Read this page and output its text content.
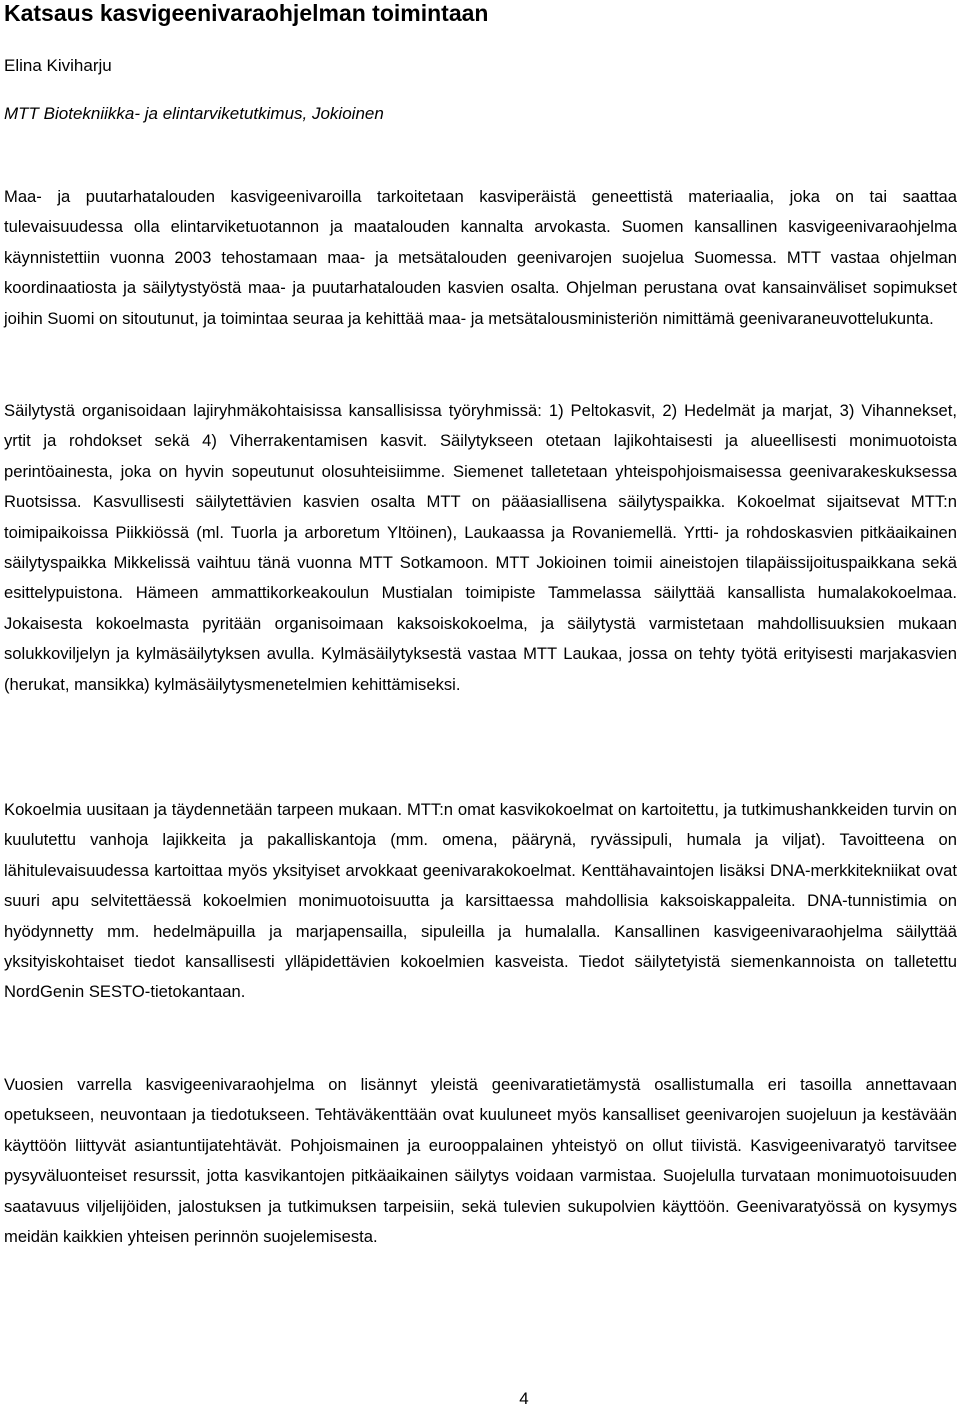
Katsaus kasvigeenivaraohjelman toimintaan
Elina Kiviharju
MTT Biotekniikka- ja elintarviketutkimus, Jokioinen

Maa- ja puutarhatalouden kasvigeenivaroilla tarkoitetaan kasviperäistä geneettistä materiaalia, joka on tai saattaa tulevaisuudessa olla elintarviketuotannon ja maatalouden kannalta arvokasta. Suomen kansallinen kasvigeenivaraohjelma käynnistettiin vuonna 2003 tehostamaan maa- ja metsätalouden geenivarojen suojelua Suomessa. MTT vastaa ohjelman koordinaatiosta ja säilytystyöstä maa- ja puutarhatalouden kasvien osalta. Ohjelman perustana ovat kansainväliset sopimukset joihin Suomi on sitoutunut, ja toimintaa seuraa ja kehittää maa- ja metsätalousministeriön nimittämä geenivaraneuvottelukunta.

Säilytystä organisoidaan lajiryhmäkohtaisissa kansallisissa työryhmissä: 1) Peltokasvit, 2) Hedelmät ja marjat, 3) Vihannekset, yrtit ja rohdokset sekä 4) Viherrakentamisen kasvit. Säilytykseen otetaan lajikohtaisesti ja alueellisesti monimuotoista perintöainesta, joka on hyvin sopeutunut olosuhteisiimme. Siemenet talletetaan yhteispohjoismaisessa geenivarakeskuksessa Ruotsissa. Kasvullisesti säilytettävien kasvien osalta MTT on pääasiallisena säilytyspaikka. Kokoelmat sijaitsevat MTT:n toimipaikoissa Piikkiössä (ml. Tuorla ja arboretum Yltöinen), Laukaassa ja Rovaniemellä. Yrtti- ja rohdoskasvien pitkäaikainen säilytyspaikka Mikkelissä vaihtuu tänä vuonna MTT Sotkamoon. MTT Jokioinen toimii aineistojen tilapäissijoituspaikkana sekä esittelypuistona. Hämeen ammattikorkeakoulun Mustialan toimipiste Tammelassa säilyttää kansallista humalakokoelmaa. Jokaisesta kokoelmasta pyritään organisoimaan kaksoiskokoelma, ja säilytystä varmistetaan mahdollisuuksien mukaan solukkoviljelyn ja kylmäsäilytyksen avulla. Kylmäsäilytyksestä vastaa MTT Laukaa, jossa on tehty työtä erityisesti marjakasvien (herukat, mansikka) kylmäsäilytysmenetelmien kehittämiseksi.

Kokoelmia uusitaan ja täydennetään tarpeen mukaan. MTT:n omat kasvikokoelmat on kartoitettu, ja tutkimushankkeiden turvin on kuulutettu vanhoja lajikkeita ja pakalliskantoja (mm. omena, päärynä, ryvässipuli, humala ja viljat). Tavoitteena on lähitulevaisuudessa kartoittaa myös yksityiset arvokkaat geenivarakokoelmat. Kenttähavaintojen lisäksi DNA-merkkitekniikat ovat suuri apu selvitettäessä kokoelmien monimuotoisuutta ja karsittaessa mahdollisia kaksoiskappaleita. DNA-tunnistimia on hyödynnetty mm. hedelmäpuilla ja marjapensailla, sipuleilla ja humalalla. Kansallinen kasvigeenivaraohjelma säilyttää yksityiskohtaiset tiedot kansallisesti ylläpidettävien kokoelmien kasveista. Tiedot säilytetyistä siemenkannoista on talletettu NordGenin SESTO-tietokantaan.

Vuosien varrella kasvigeenivaraohjelma on lisännyt yleistä geenivaratietämystä osallistumalla eri tasoilla annettavaan opetukseen, neuvontaan ja tiedotukseen. Tehtäväkenttään ovat kuuluneet myös kansalliset geenivarojen suojeluun ja kestävään käyttöön liittyvät asiantuntijatehtävät. Pohjoismainen ja eurooppalainen yhteistyö on ollut tiivistä. Kasvigeenivaratyö tarvitsee pysyväluonteiset resurssit, jotta kasvikantojen pitkäaikainen säilytys voidaan varmistaa. Suojelulla turvataan monimuotoisuuden saatavuus viljelijöiden, jalostuksen ja tutkimuksen tarpeisiin, sekä tulevien sukupolvien käyttöön. Geenivaratyössä on kysymys meidän kaikkien yhteisen perinnön suojelemisesta.

4
